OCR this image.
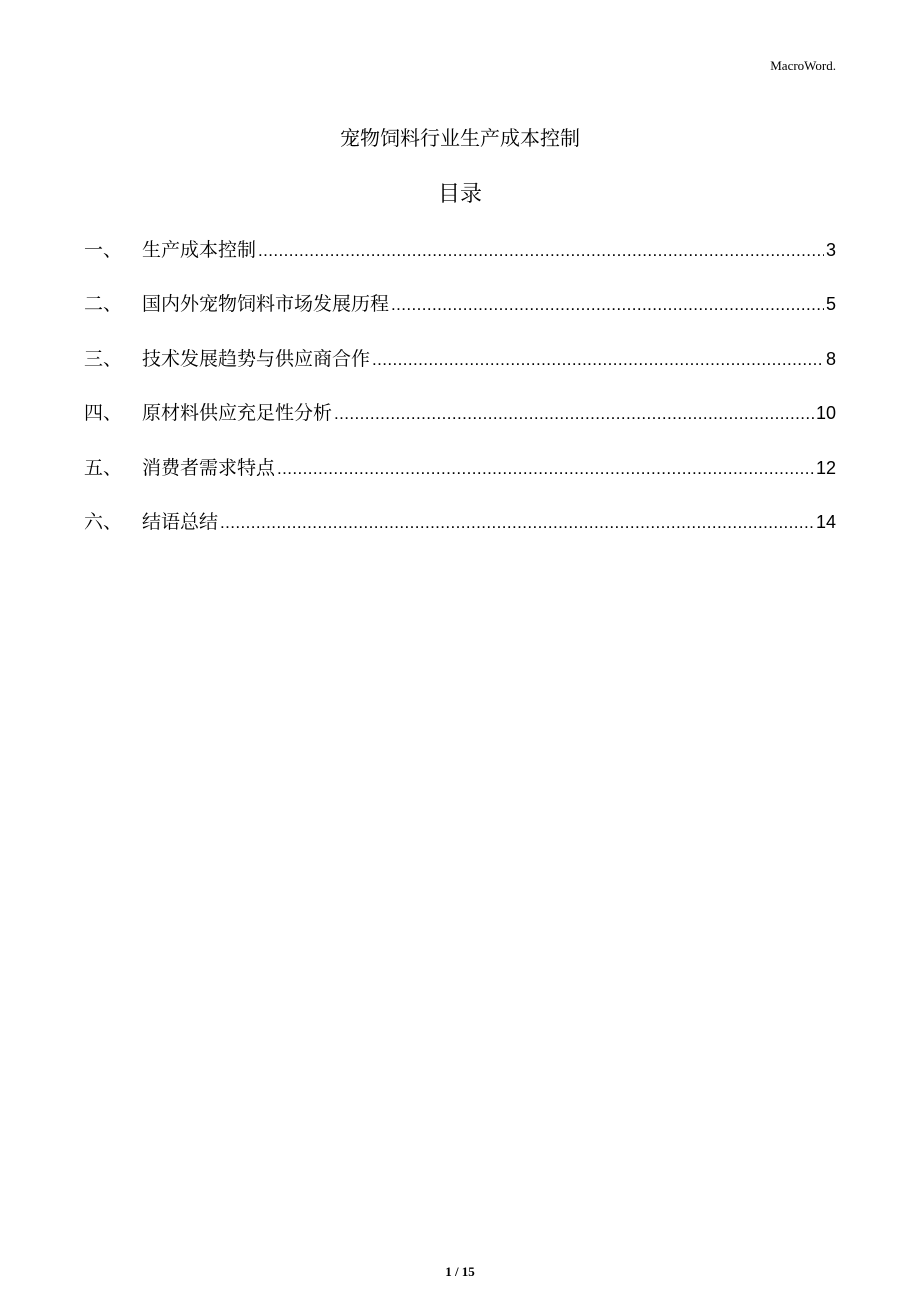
MacroWord.
宠物饲料行业生产成本控制
目录
一、	生产成本控制 .....	3
二、	国内外宠物饲料市场发展历程 .....	5
三、	技术发展趋势与供应商合作 .....	8
四、	原材料供应充足性分析 .....	10
五、	消费者需求特点 .....	12
六、	结语总结 .....	14
1 / 15
